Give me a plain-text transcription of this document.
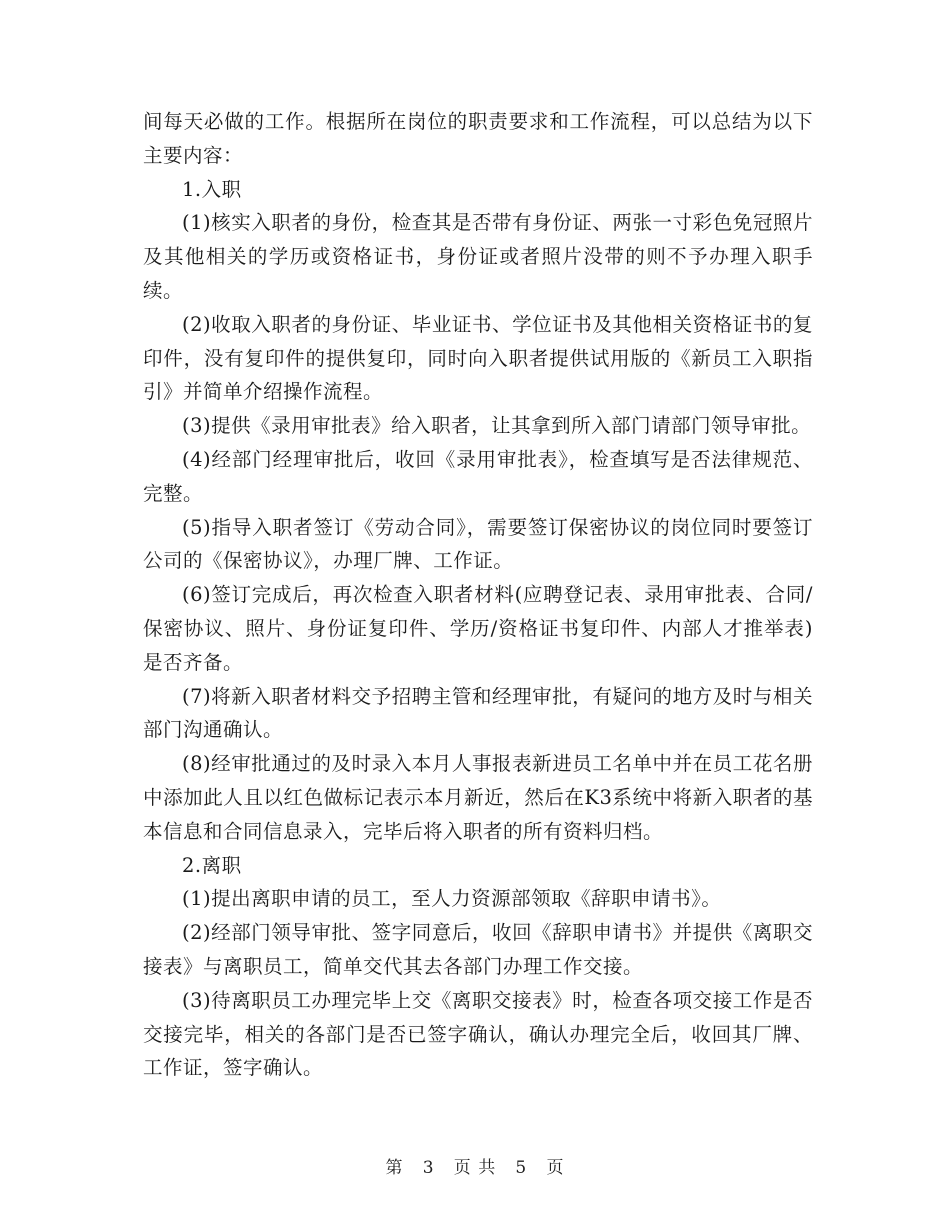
间每天必做的工作。根据所在岗位的职责要求和工作流程，可以总结为以下主要内容：

1.入职

(1)核实入职者的身份，检查其是否带有身份证、两张一寸彩色免冠照片及其他相关的学历或资格证书，身份证或者照片没带的则不予办理入职手续。

(2)收取入职者的身份证、毕业证书、学位证书及其他相关资格证书的复印件，没有复印件的提供复印，同时向入职者提供试用版的《新员工入职指引》并简单介绍操作流程。

(3)提供《录用审批表》给入职者，让其拿到所入部门请部门领导审批。

(4)经部门经理审批后，收回《录用审批表》，检查填写是否法律规范、完整。

(5)指导入职者签订《劳动合同》，需要签订保密协议的岗位同时要签订公司的《保密协议》，办理厂牌、工作证。

(6)签订完成后，再次检查入职者材料(应聘登记表、录用审批表、合同/保密协议、照片、身份证复印件、学历/资格证书复印件、内部人才推举表)是否齐备。

(7)将新入职者材料交予招聘主管和经理审批，有疑问的地方及时与相关部门沟通确认。

(8)经审批通过的及时录入本月人事报表新进员工名单中并在员工花名册中添加此人且以红色做标记表示本月新近，然后在K3系统中将新入职者的基本信息和合同信息录入，完毕后将入职者的所有资料归档。

2.离职

(1)提出离职申请的员工，至人力资源部领取《辞职申请书》。

(2)经部门领导审批、签字同意后，收回《辞职申请书》并提供《离职交接表》与离职员工，简单交代其去各部门办理工作交接。

(3)待离职员工办理完毕上交《离职交接表》时，检查各项交接工作是否交接完毕，相关的各部门是否已签字确认，确认办理完全后，收回其厂牌、工作证，签字确认。

第 3 页 共 5 页
